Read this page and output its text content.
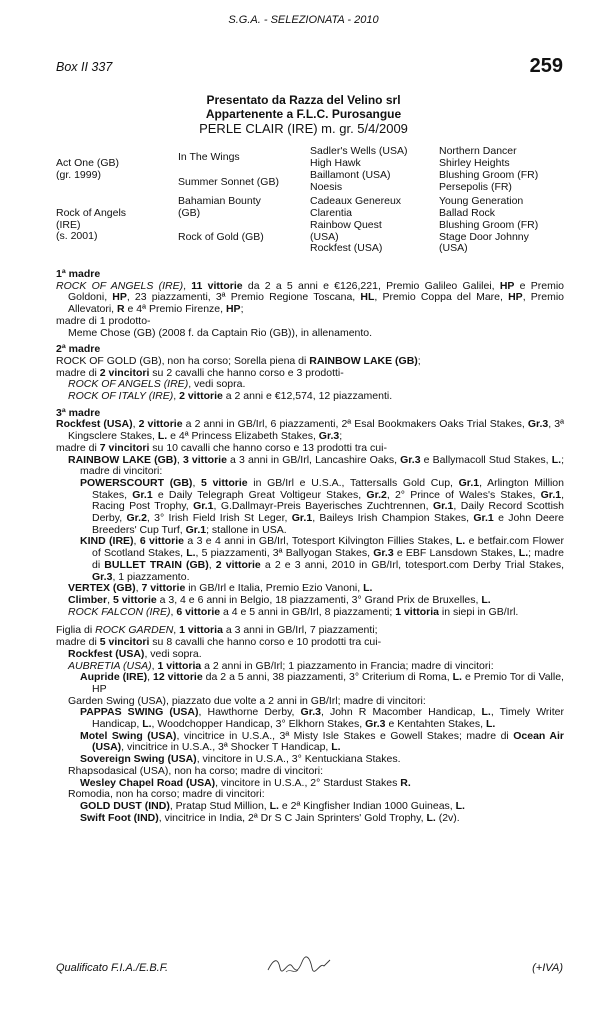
S.G.A. - SELEZIONATA - 2010
Box II 337	259
Presentato da Razza del Velino srl
Appartenente a F.L.C. Purosangue
PERLE CLAIR (IRE) m. gr. 5/4/2009
Act One (GB)
(gr. 1999)
Rock of Angels
(IRE)
(s. 2001)
In The Wings
Summer Sonnet (GB)
Bahamian Bounty
(GB)
Rock of Gold (GB)
Sadler's Wells (USA)
High Hawk
Baillamont (USA)
Noesis
Cadeaux Genereux
Clarentia
Rainbow Quest
(USA)
Rockfest (USA)
Northern Dancer
Shirley Heights
Blushing Groom (FR)
Persepolis (FR)
Young Generation
Ballad Rock
Blushing Groom (FR)
Stage Door Johnny
(USA)

1ª madre

ROCK OF ANGELS (IRE), 11 vittorie da 2 a 5 anni e €126,221, Premio Galileo Galilei, HP e Premio Goldoni, HP, 23 piazzamenti, 3ª Premio Regione Toscana, HL, Premio Coppa del Mare, HP, Premio Allevatori, R e 4ª Premio Firenze, HP;

madre di 1 prodotto-

Meme Chose (GB) (2008 f. da Captain Rio (GB)), in allenamento.

2ª madre

ROCK OF GOLD (GB), non ha corso; Sorella piena di RAINBOW LAKE (GB);

madre di 2 vincitori su 2 cavalli che hanno corso e 3 prodotti-

ROCK OF ANGELS (IRE), vedi sopra.

ROCK OF ITALY (IRE), 2 vittorie a 2 anni e €12,574, 12 piazzamenti.

3ª madre

Rockfest (USA), 2 vittorie a 2 anni in GB/Irl, 6 piazzamenti, 2ª Esal Bookmakers Oaks Trial Stakes, Gr.3, 3ª Kingsclere Stakes, L. e 4ª Princess Elizabeth Stakes, Gr.3;

madre di 7 vincitori su 10 cavalli che hanno corso e 13 prodotti tra cui-

RAINBOW LAKE (GB), 3 vittorie a 3 anni in GB/Irl, Lancashire Oaks, Gr.3 e Ballymacoll Stud Stakes, L.; madre di vincitori:

POWERSCOURT (GB), 5 vittorie in GB/Irl e U.S.A., Tattersalls Gold Cup, Gr.1, Arlington Million Stakes, Gr.1 e Daily Telegraph Great Voltigeur Stakes, Gr.2, 2° Prince of Wales's Stakes, Gr.1, Racing Post Trophy, Gr.1, G.Dallmayr-Preis Bayerisches Zuchtrennen, Gr.1, Daily Record Scottish Derby, Gr.2, 3° Irish Field Irish St Leger, Gr.1, Baileys Irish Champion Stakes, Gr.1 e John Deere Breeders' Cup Turf, Gr.1; stallone in USA.

KIND (IRE), 6 vittorie a 3 e 4 anni in GB/Irl, Totesport Kilvington Fillies Stakes, L. e betfair.com Flower of Scotland Stakes, L., 5 piazzamenti, 3ª Ballyogan Stakes, Gr.3 e EBF Lansdown Stakes, L.; madre di BULLET TRAIN (GB), 2 vittorie a 2 e 3 anni, 2010 in GB/Irl, totesport.com Derby Trial Stakes, Gr.3, 1 piazzamento.

VERTEX (GB), 7 vittorie in GB/Irl e Italia, Premio Ezio Vanoni, L.

Climber, 5 vittorie a 3, 4 e 6 anni in Belgio, 18 piazzamenti, 3° Grand Prix de Bruxelles, L.

ROCK FALCON (IRE), 6 vittorie a 4 e 5 anni in GB/Irl, 8 piazzamenti; 1 vittoria in siepi in GB/Irl.

Figlia di ROCK GARDEN, 1 vittoria a 3 anni in GB/Irl, 7 piazzamenti;

madre di 5 vincitori su 8 cavalli che hanno corso e 10 prodotti tra cui-

Rockfest (USA), vedi sopra.

AUBRETIA (USA), 1 vittoria a 2 anni in GB/Irl; 1 piazzamento in Francia; madre di vincitori:

Aupride (IRE), 12 vittorie da 2 a 5 anni, 38 piazzamenti, 3° Criterium di Roma, L. e Premio Tor di Valle, HP

Garden Swing (USA), piazzato due volte a 2 anni in GB/Irl; madre di vincitori:

PAPPAS SWING (USA), Hawthorne Derby, Gr.3, John R Macomber Handicap, L., Timely Writer Handicap, L., Woodchopper Handicap, 3° Elkhorn Stakes, Gr.3 e Kentahten Stakes, L.

Motel Swing (USA), vincitrice in U.S.A., 3ª Misty Isle Stakes e Gowell Stakes; madre di Ocean Air (USA), vincitrice in U.S.A., 3ª Shocker T Handicap, L.

Sovereign Swing (USA), vincitore in U.S.A., 3° Kentuckiana Stakes.

Rhapsodasical (USA), non ha corso; madre di vincitori:

Wesley Chapel Road (USA), vincitore in U.S.A., 2° Stardust Stakes R.

Romodia, non ha corso; madre di vincitori:

GOLD DUST (IND), Pratap Stud Million, L. e 2ª Kingfisher Indian 1000 Guineas, L.

Swift Foot (IND), vincitrice in India, 2ª Dr S C Jain Sprinters' Gold Trophy, L. (2v).

Qualificato F.I.A./E.B.F.	(+IVA)
